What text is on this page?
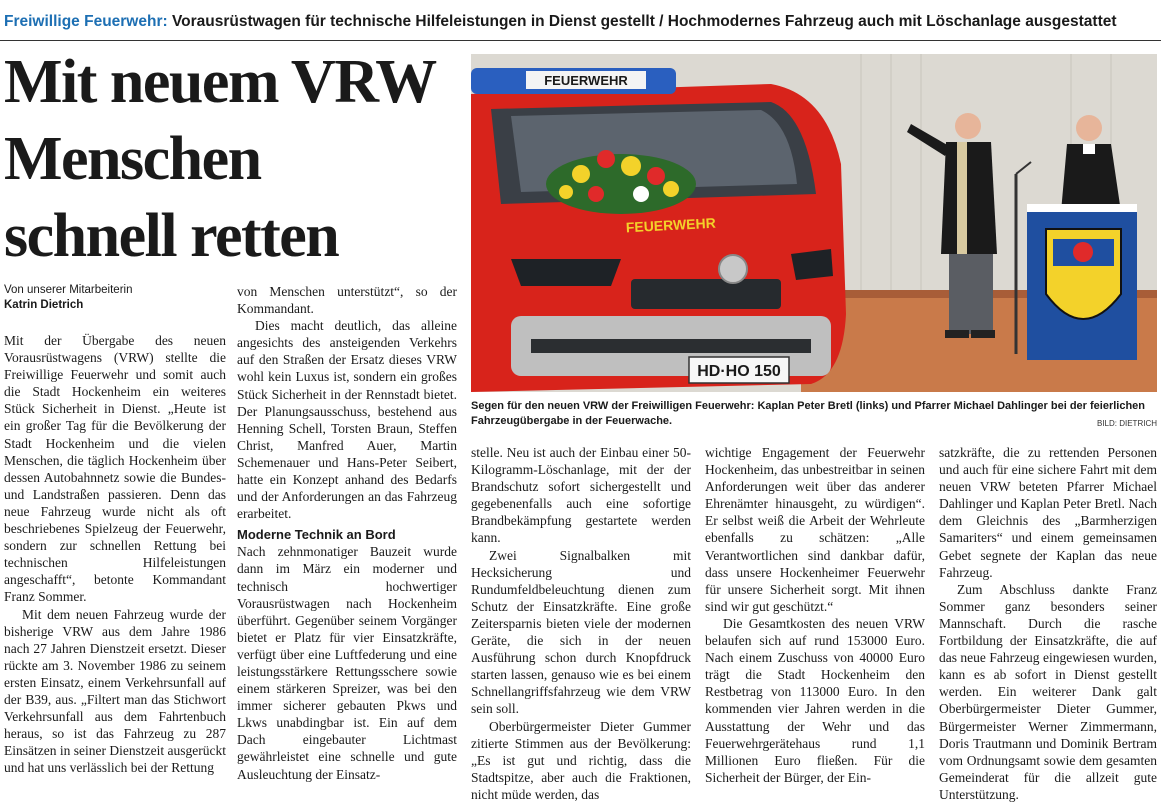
Freiwillige Feuerwehr: Vorausrüstwagen für technische Hilfeleistungen in Dienst gestellt / Hochmodernes Fahrzeug auch mit Löschanlage ausgestattet
Mit neuem VRW
Menschen
schnell retten
Von unserer Mitarbeiterin
Katrin Dietrich

Mit der Übergabe des neuen Vorausrüstwagens (VRW) stellte die Freiwillige Feuerwehr und somit auch die Stadt Hockenheim ein weiteres Stück Sicherheit in Dienst. „Heute ist ein großer Tag für die Bevölkerung der Stadt Hockenheim und die vielen Menschen, die täglich Hockenheim über dessen Autobahnnetz sowie die Bundes- und Landstraßen passieren. Denn das neue Fahrzeug wurde nicht als oft beschriebenes Spielzeug der Feuerwehr, sondern zur schnellen Rettung bei technischen Hilfeleistungen angeschafft“, betonte Kommandant Franz Sommer.

Mit dem neuen Fahrzeug wurde der bisherige VRW aus dem Jahre 1986 nach 27 Jahren Dienstzeit ersetzt. Dieser rückte am 3. November 1986 zu seinem ersten Einsatz, einem Verkehrsunfall auf der B39, aus. „Filtert man das Stichwort Verkehrsunfall aus dem Fahrtenbuch heraus, so ist das Fahrzeug zu 287 Einsätzen in seiner Dienstzeit ausgerückt und hat uns verlässlich bei der Rettung

von Menschen unterstützt“, so der Kommandant.

Dies macht deutlich, das alleine angesichts des ansteigenden Verkehrs auf den Straßen der Ersatz dieses VRW wohl kein Luxus ist, sondern ein großes Stück Sicherheit in der Rennstadt bietet. Der Planungsausschuss, bestehend aus Henning Schell, Torsten Braun, Steffen Christ, Manfred Auer, Martin Schemenauer und Hans-Peter Seibert, hatte ein Konzept anhand des Bedarfs und der Anforderungen an das Fahrzeug erarbeitet.

Moderne Technik an Bord

Nach zehnmonatiger Bauzeit wurde dann im März ein moderner und technisch hochwertiger Vorausrüstwagen nach Hockenheim überführt. Gegenüber seinem Vorgänger bietet er Platz für vier Einsatzkräfte, verfügt über eine Luftfederung und eine leistungsstärkere Rettungsschere sowie einem stärkeren Spreizer, was bei den immer sicherer gebauten Pkws und Lkws unabdingbar ist. Ein auf dem Dach eingebauter Lichtmast gewährleistet eine schnelle und gute Ausleuchtung der Einsatz-

stelle. Neu ist auch der Einbau einer 50-Kilogramm-Löschanlage, mit der der Brandschutz sofort sichergestellt und gegebenenfalls auch eine sofortige Brandbekämpfung gestartete werden kann.

Zwei Signalbalken mit Hecksicherung und Rundumfeldbeleuchtung dienen zum Schutz der Einsatzkräfte. Eine große Zeitersparnis bieten viele der modernen Geräte, die sich in der neuen Ausführung schon durch Knopfdruck starten lassen, genauso wie es bei einem Schnellangriffsfahrzeug wie dem VRW sein soll.

Oberbürgermeister Dieter Gummer zitierte Stimmen aus der Bevölkerung: „Es ist gut und richtig, dass die Stadtspitze, aber auch die Fraktionen, nicht müde werden, das

wichtige Engagement der Feuerwehr Hockenheim, das unbestreitbar in seinen Anforderungen weit über das anderer Ehrenämter hinausgeht, zu würdigen“. Er selbst weiß die Arbeit der Wehrleute ebenfalls zu schätzen: „Alle Verantwortlichen sind dankbar dafür, dass unsere Hockenheimer Feuerwehr für unsere Sicherheit sorgt. Mit ihnen sind wir gut geschützt.“

Die Gesamtkosten des neuen VRW belaufen sich auf rund 153000 Euro. Nach einem Zuschuss von 40000 Euro trägt die Stadt Hockenheim den Restbetrag von 113000 Euro. In den kommenden vier Jahren werden in die Ausstattung der Wehr und das Feuerwehrgerätehaus rund 1,1 Millionen Euro fließen. Für die Sicherheit der Bürger, der Ein-

satzkräfte, die zu rettenden Personen und auch für eine sichere Fahrt mit dem neuen VRW beteten Pfarrer Michael Dahlinger und Kaplan Peter Bretl. Nach dem Gleichnis des „Barmherzigen Samariters“ und einem gemeinsamen Gebet segnete der Kaplan das neue Fahrzeug.

Zum Abschluss dankte Franz Sommer ganz besonders seiner Mannschaft. Durch die rasche Fortbildung der Einsatzkräfte, die auf das neue Fahrzeug eingewiesen wurden, kann es ab sofort in Dienst gestellt werden. Ein weiterer Dank galt Oberbürgermeister Dieter Gummer, Bürgermeister Werner Zimmermann, Doris Trautmann und Dominik Bertram vom Ordnungsamt sowie dem gesamten Gemeinderat für die allzeit gute Unterstützung.

FEUERWEHR
FEUERWEHR
HD·HO 150
Segen für den neuen VRW der Freiwilligen Feuerwehr: Kaplan Peter Bretl (links) und Pfarrer Michael Dahlinger bei der feierlichen Fahrzeugübergabe in der Feuerwache.	BILD: DIETRICH
